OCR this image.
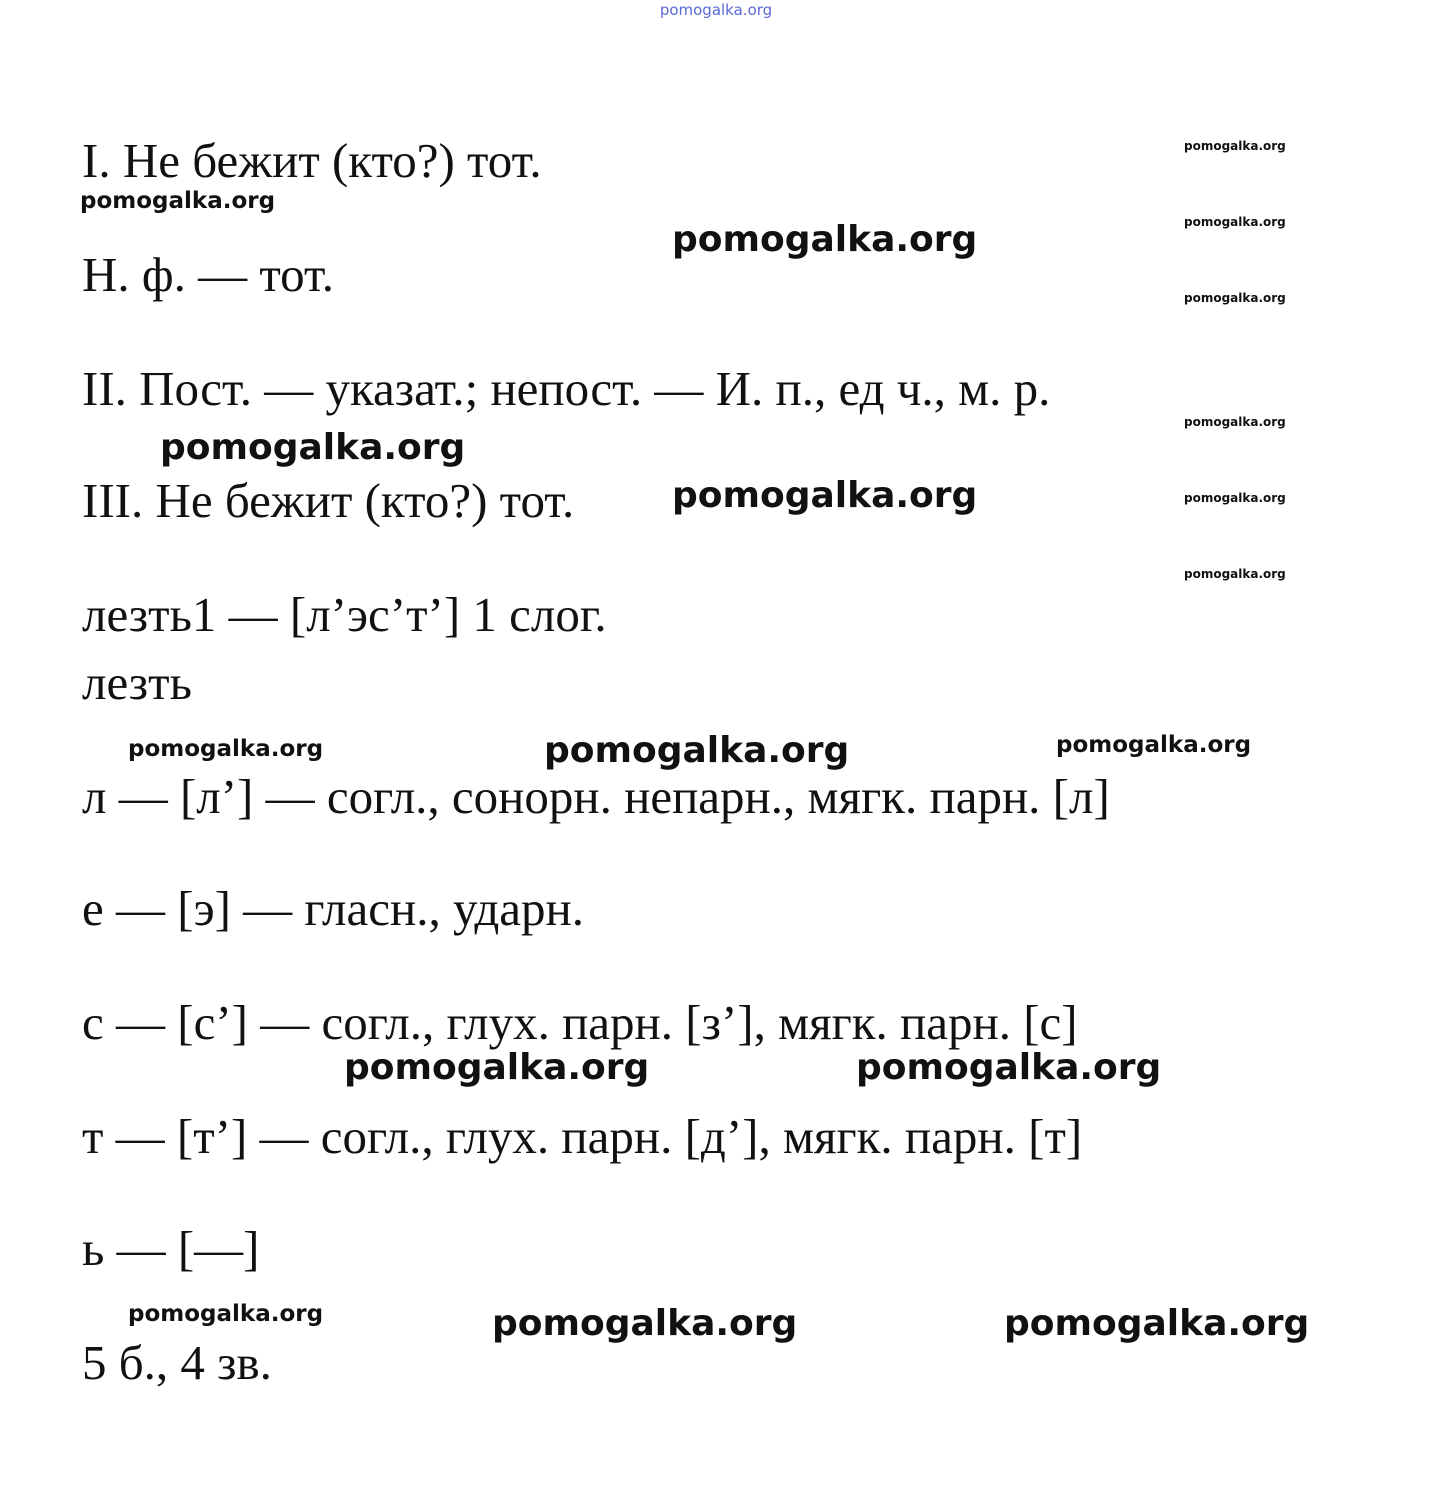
pomogalka.org
I. Не бежит (кто?) тот.
Н. ф. — тот.
II. Пост. — указат.; непост. — И. п., ед ч., м. р.
III. Не бежит (кто?) тот.
лезть1 — [л’эс’т’] 1 слог.
лезть
л — [л’] — согл., сонорн. непарн., мягк. парн. [л]
е — [э] — гласн., ударн.
с — [с’] — согл., глух. парн. [з’], мягк. парн. [с]
т — [т’] — согл., глух. парн. [д’], мягк. парн. [т]
ь — [—]
5 б., 4 зв.
pomogalka.org
pomogalka.org
pomogalka.org
pomogalka.org
pomogalka.org
pomogalka.org
pomogalka.org
pomogalka.org	pomogalka.org
pomogalka.org
pomogalka.org
pomogalka.org
pomogalka.org
pomogalka.org
pomogalka.org	pomogalka.org
pomogalka.org	pomogalka.org
